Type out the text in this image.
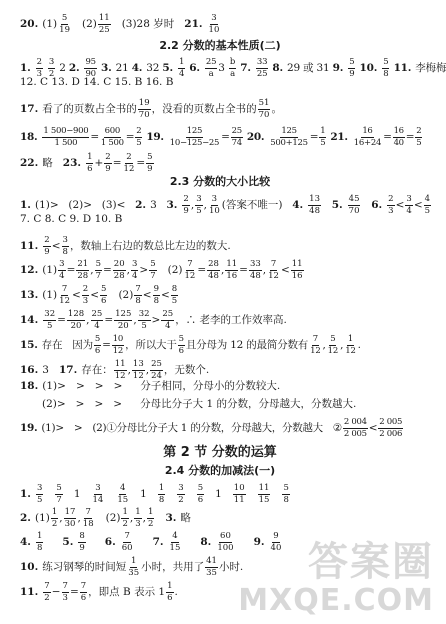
20. (1)
5
19 (2)
11
25 (3)28 岁时 21.
3
10
2.2 分数的基本性质(二)
1.
2
3

3
2 2 2.
95
90
3. 21 4. 32 5.
1
4
6.
25
a 3
b
a
7.
33
25
8. 29 或 31 9.
5
9
10.
5
8
11. 李梅梅
12. C 13. D 14. C 15. B 16. B
17. 看了的页数占全书的
19
70 ，没看的页数占全书的
51
70 。
18.
1 500−900
1 500 =
600
1 500 =
2
5
19.
125
10−125−25 =
25
74
20.
125
500+125 =
1
5
21.
16
16+24 =
16
40 =
2
5
22. 略 23.
1
6 +
2
9 =
2
12 =
5
9
2.3 分数的大小比较
1. (1)> (2)> (3)< 2. 3 3.
2
9 ,
3
5 ,
3
10 (答案不唯一) 4.
13
48 5.
45
70 6.
2
3 <
3
4 <
4
5
7. C 8. C 9. D 10. B
11.
2
9 <
3
8 ，数轴上右边的数总比左边的数大.
12. (1)
3
4 =
21
28 ,
5
7 =
20
28 ,
3
4 >
5
7 (2)
7
12 =
28
48 ,
11
16 =
33
48 ,
7
12 <
11
16
13. (1)
7
12 <
2
3 <
5
6 (2)
7
8 <
9
8 <
8
5
14.
32
5 =
128
20 ,
25
4 =
125
20 ,
32
5 >
25
4 ，∴ 老李的工作效率高.
15. 存在 因为
5
6 =
10
12 ，所以大于
5
6 且分母为 12 的最简分数有
7
12 ,
5
12 ,
1
12 .
16. 3 17. 存在：
11
12 ,
13
12 ,
25
24 ，无数个.
18. (1)> > > > 分子相同，分母小的分数较大.
(2)> > > > 分母比分子大 1 的分数，分母越大，分数越大.
19. (1)> > (2)①分母比分子大 1 的分数，分母越大，分数越大 ②
2 004
2 005 <
2 005
2 006
第 2 节 分数的运算
2.4 分数的加减法(一)
1.
3
5
5
7 1
3
14
4
15 1
1
8
3
2
5
6 1
10
11
11
15
5
8
2. (1)
1
2 ,
17
30 ,
7
18 (2)
1
2 ,
1
3 ,
1
2 3. 略
4.
1
8 5.
8
9 6.
7
60 7.
4
15 8.
60
100 9.
9
40
10. 练习钢琴的时间短
1
35 小时，共用了
41
35 小时.
11.
7
2 −
7
3 =
7
6 ，即点 B 表示 1
1
6 .
答案圈
MXQE.COM
